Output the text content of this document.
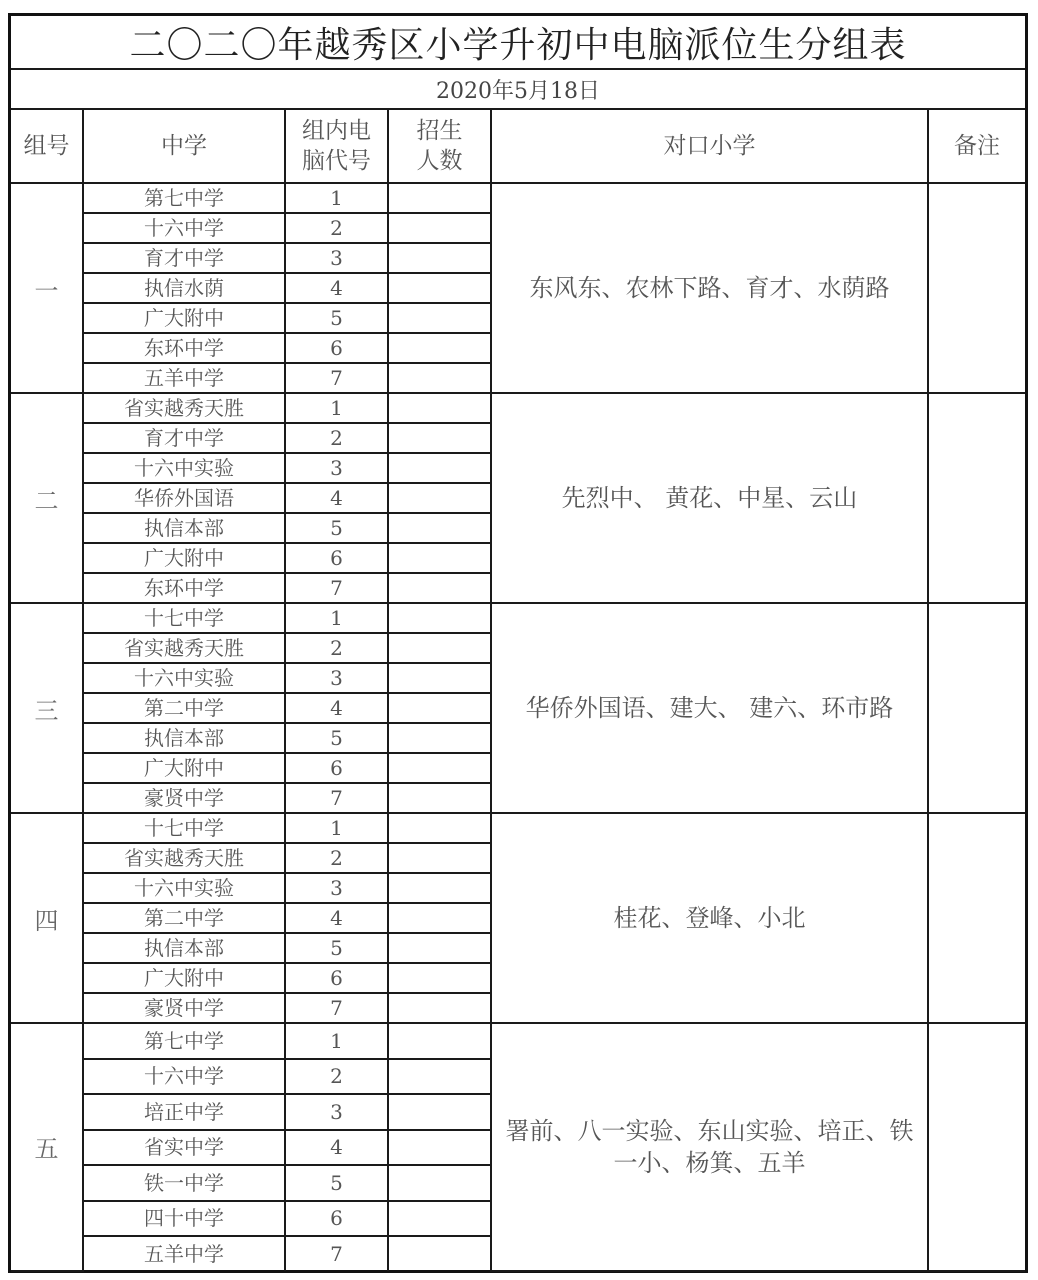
二〇二〇年越秀区小学升初中电脑派位生分组表					
2020年5月18日					
组号	中学	组内电脑代号	招生人数	对口小学	备注
一	第七中学	1		东风东、农林下路、育才、水荫路	
	十六中学	2			
	育才中学	3			
	执信水荫	4			
	广大附中	5			
	东环中学	6			
	五羊中学	7			
二	省实越秀天胜	1		先烈中、 黄花、中星、云山	
	育才中学	2			
	十六中实验	3			
	华侨外国语	4			
	执信本部	5			
	广大附中	6			
	东环中学	7			
三	十七中学	1		华侨外国语、建大、 建六、环市路	
	省实越秀天胜	2			
	十六中实验	3			
	第二中学	4			
	执信本部	5			
	广大附中	6			
	豪贤中学	7			
四	十七中学	1		桂花、登峰、小北	
	省实越秀天胜	2			
	十六中实验	3			
	第二中学	4			
	执信本部	5			
	广大附中	6			
	豪贤中学	7			
五	第七中学	1		署前、八一实验、东山实验、培正、铁一小、杨箕、五羊	
	十六中学	2			
	培正中学	3			
	省实中学	4			
	铁一中学	5			
	四十中学	6			
	五羊中学	7			
